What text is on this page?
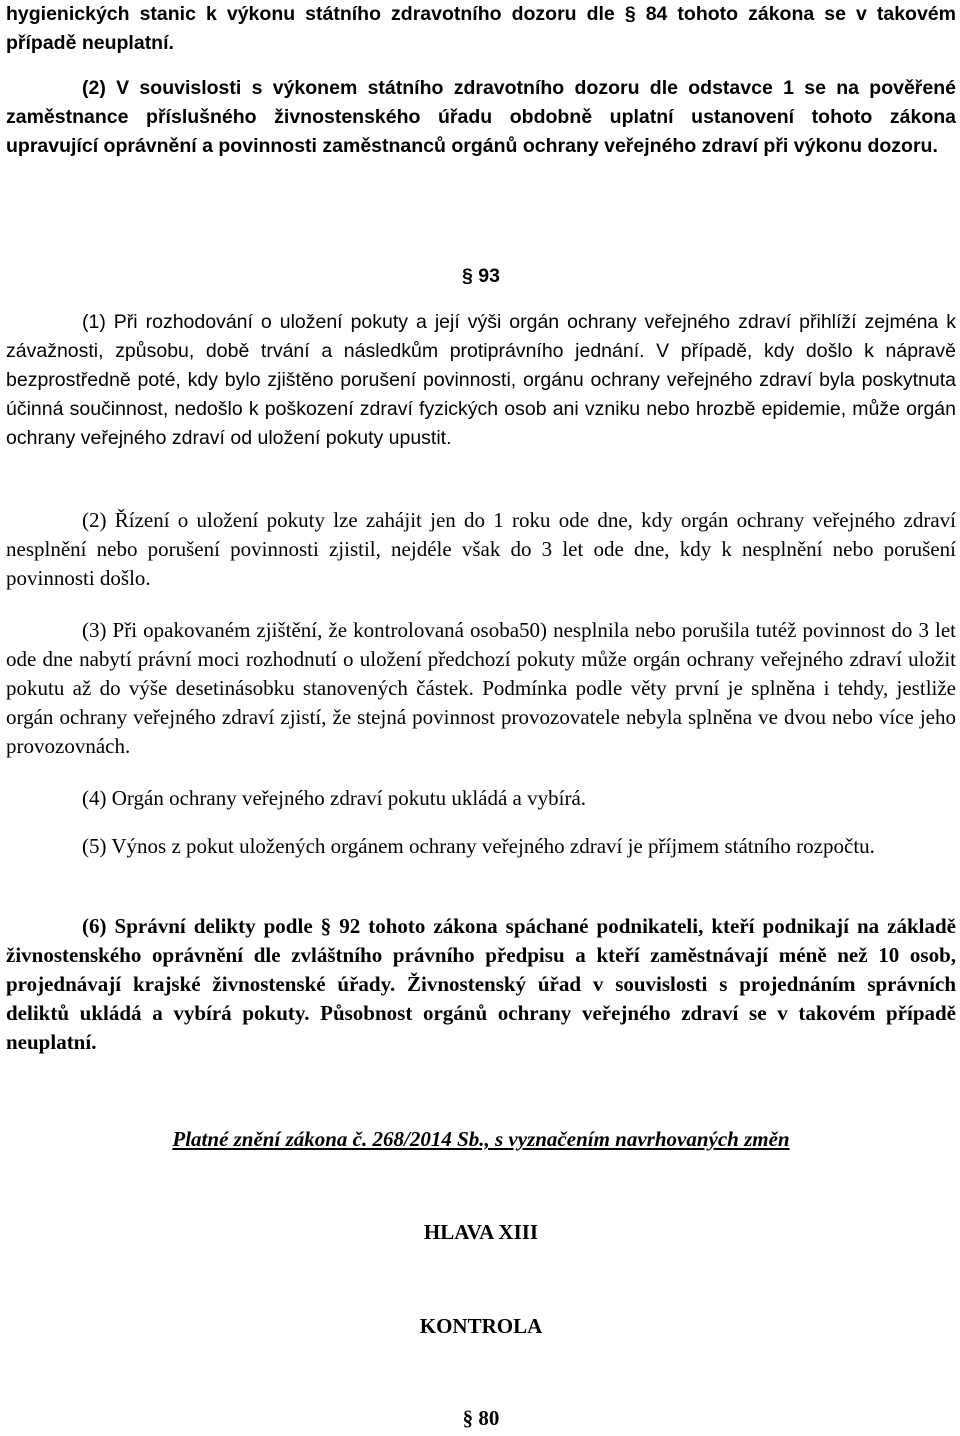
hygienických stanic k výkonu státního zdravotního dozoru dle § 84 tohoto zákona se v takovém případě neuplatní.

(2) V souvislosti s výkonem státního zdravotního dozoru dle odstavce 1 se na pověřené zaměstnance příslušného živnostenského úřadu obdobně uplatní ustanovení tohoto zákona upravující oprávnění a povinnosti zaměstnanců orgánů ochrany veřejného zdraví při výkonu dozoru.

§ 93

(1) Při rozhodování o uložení pokuty a její výši orgán ochrany veřejného zdraví přihlíží zejména k závažnosti, způsobu, době trvání a následkům protiprávního jednání. V případě, kdy došlo k nápravě bezprostředně poté, kdy bylo zjištěno porušení povinnosti, orgánu ochrany veřejného zdraví byla poskytnuta účinná součinnost, nedošlo k poškození zdraví fyzických osob ani vzniku nebo hrozbě epidemie, může orgán ochrany veřejného zdraví od uložení pokuty upustit.

(2) Řízení o uložení pokuty lze zahájit jen do 1 roku ode dne, kdy orgán ochrany veřejného zdraví nesplnění nebo porušení povinnosti zjistil, nejdéle však do 3 let ode dne, kdy k nesplnění nebo porušení povinnosti došlo.

(3) Při opakovaném zjištění, že kontrolovaná osoba50) nesplnila nebo porušila tutéž povinnost do 3 let ode dne nabytí právní moci rozhodnutí o uložení předchozí pokuty může orgán ochrany veřejného zdraví uložit pokutu až do výše desetinásobku stanovených částek. Podmínka podle věty první je splněna i tehdy, jestliže orgán ochrany veřejného zdraví zjistí, že stejná povinnost provozovatele nebyla splněna ve dvou nebo více jeho provozovnách.

(4) Orgán ochrany veřejného zdraví pokutu ukládá a vybírá.

(5) Výnos z pokut uložených orgánem ochrany veřejného zdraví je příjmem státního rozpočtu.

(6) Správní delikty podle § 92 tohoto zákona spáchané podnikateli, kteří podnikají na základě živnostenského oprávnění dle zvláštního právního předpisu a kteří zaměstnávají méně než 10 osob, projednávají krajské živnostenské úřady. Živnostenský úřad v souvislosti s projednáním správních deliktů ukládá a vybírá pokuty. Působnost orgánů ochrany veřejného zdraví se v takovém případě neuplatní.

Platné znění zákona č. 268/2014 Sb., s vyznačením navrhovaných změn

HLAVA XIII

KONTROLA

§ 80
